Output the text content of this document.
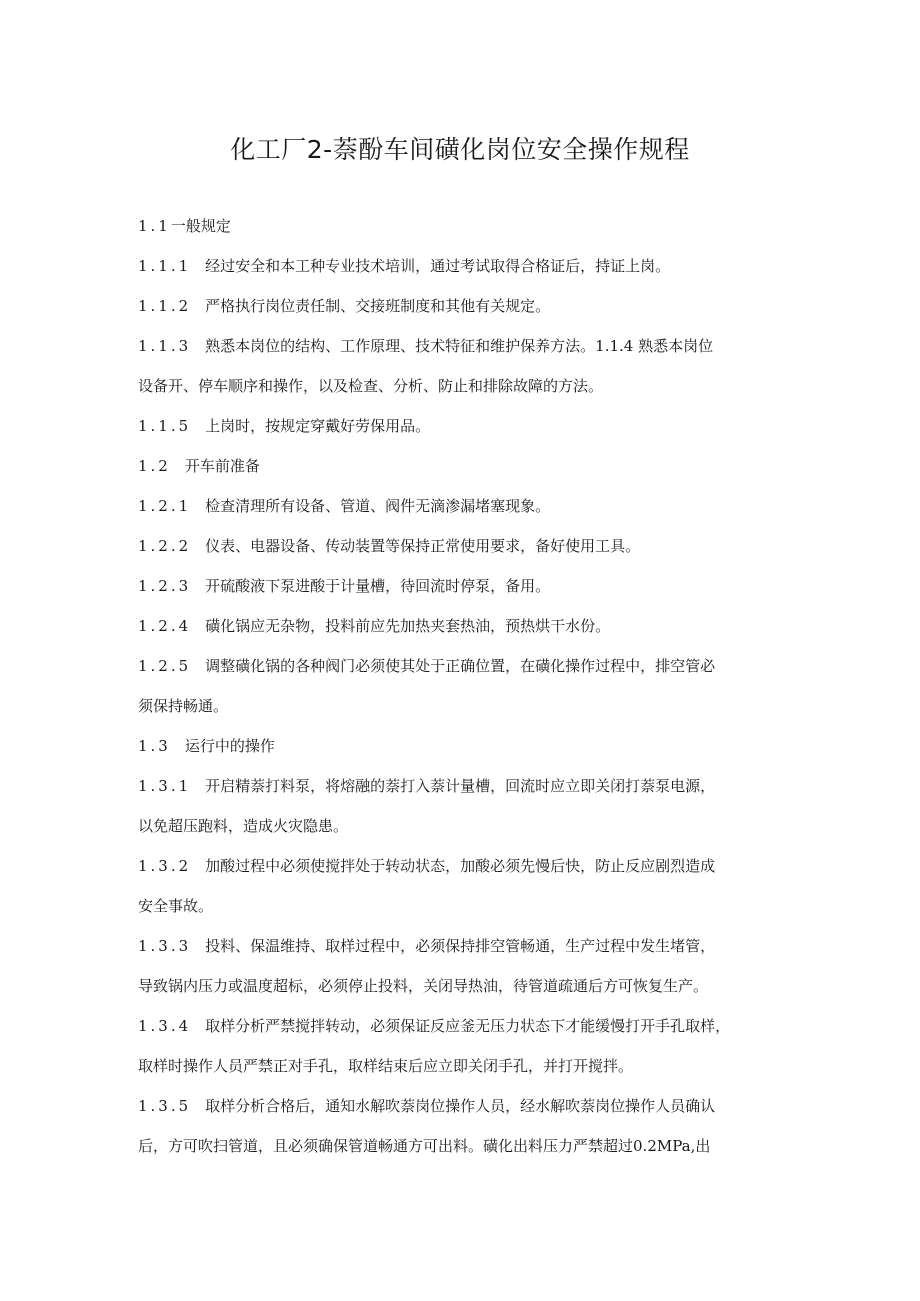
化工厂2-萘酚车间磺化岗位安全操作规程

1.1一般规定

1.1.1 经过安全和本工种专业技术培训，通过考试取得合格证后，持证上岗。

1.1.2 严格执行岗位责任制、交接班制度和其他有关规定。

1.1.3 熟悉本岗位的结构、工作原理、技术特征和维护保养方法。1.1.4 熟悉本岗位

设备开、停车顺序和操作，以及检查、分析、防止和排除故障的方法。

1.1.5 上岗时，按规定穿戴好劳保用品。

1.2 开车前准备

1.2.1 检查清理所有设备、管道、阀件无滴渗漏堵塞现象。

1.2.2 仪表、电器设备、传动装置等保持正常使用要求，备好使用工具。

1.2.3 开硫酸液下泵进酸于计量槽，待回流时停泵，备用。

1.2.4 磺化锅应无杂物，投料前应先加热夹套热油，预热烘干水份。

1.2.5 调整磺化锅的各种阀门必须使其处于正确位置，在磺化操作过程中，排空管必

须保持畅通。

1.3 运行中的操作

1.3.1 开启精萘打料泵，将熔融的萘打入萘计量槽，回流时应立即关闭打萘泵电源，

以免超压跑料，造成火灾隐患。

1.3.2 加酸过程中必须使搅拌处于转动状态，加酸必须先慢后快，防止反应剧烈造成

安全事故。

1.3.3 投料、保温维持、取样过程中，必须保持排空管畅通，生产过程中发生堵管，

导致锅内压力或温度超标，必须停止投料，关闭导热油，待管道疏通后方可恢复生产。

1.3.4 取样分析严禁搅拌转动，必须保证反应釜无压力状态下才能缓慢打开手孔取样，

取样时操作人员严禁正对手孔，取样结束后应立即关闭手孔，并打开搅拌。

1.3.5 取样分析合格后，通知水解吹萘岗位操作人员，经水解吹萘岗位操作人员确认

后，方可吹扫管道，且必须确保管道畅通方可出料。磺化出料压力严禁超过0.2MPa,出
